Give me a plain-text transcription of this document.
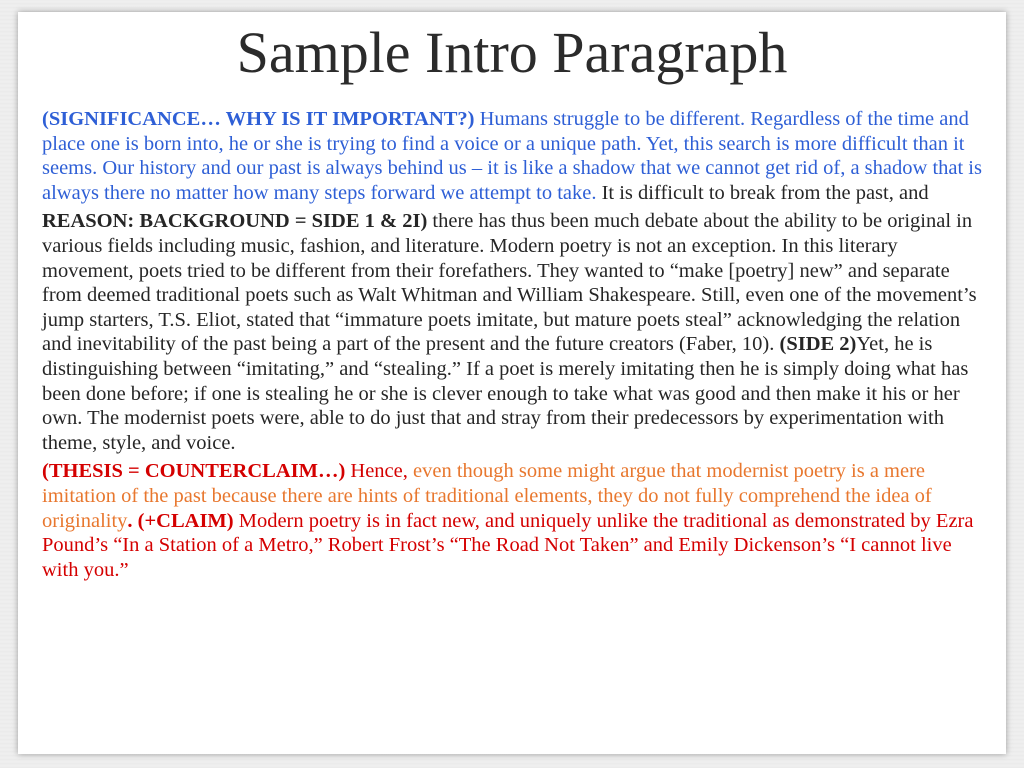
Sample Intro Paragraph

(SIGNIFICANCE… WHY IS IT IMPORTANT?) Humans struggle to be different. Regardless of the time and place one is born into, he or she is trying to find a voice or a unique path. Yet, this search is more difficult than it seems. Our history and our past is always behind us – it is like a shadow that we cannot get rid of, a shadow that is always there no matter how many steps forward we attempt to take. It is difficult to break from the past, and

REASON: BACKGROUND = SIDE 1 & 2I) there has thus been much debate about the ability to be original in various fields including music, fashion, and literature. Modern poetry is not an exception. In this literary movement, poets tried to be different from their forefathers. They wanted to “make [poetry] new” and separate from deemed traditional poets such as Walt Whitman and William Shakespeare. Still, even one of the movement’s jump starters, T.S. Eliot, stated that “immature poets imitate, but mature poets steal” acknowledging the relation and inevitability of the past being a part of the present and the future creators (Faber, 10). (SIDE 2)Yet, he is distinguishing between “imitating,” and “stealing.” If a poet is merely imitating then he is simply doing what has been done before; if one is stealing he or she is clever enough to take what was good and then make it his or her own. The modernist poets were, able to do just that and stray from their predecessors by experimentation with theme, style, and voice.

(THESIS = COUNTERCLAIM…) Hence, even though some might argue that modernist poetry is a mere imitation of the past because there are hints of traditional elements, they do not fully comprehend the idea of originality. (+CLAIM) Modern poetry is in fact new, and uniquely unlike the traditional as demonstrated by Ezra Pound’s “In a Station of a Metro,” Robert Frost’s “The Road Not Taken” and Emily Dickenson’s “I cannot live with you.”
